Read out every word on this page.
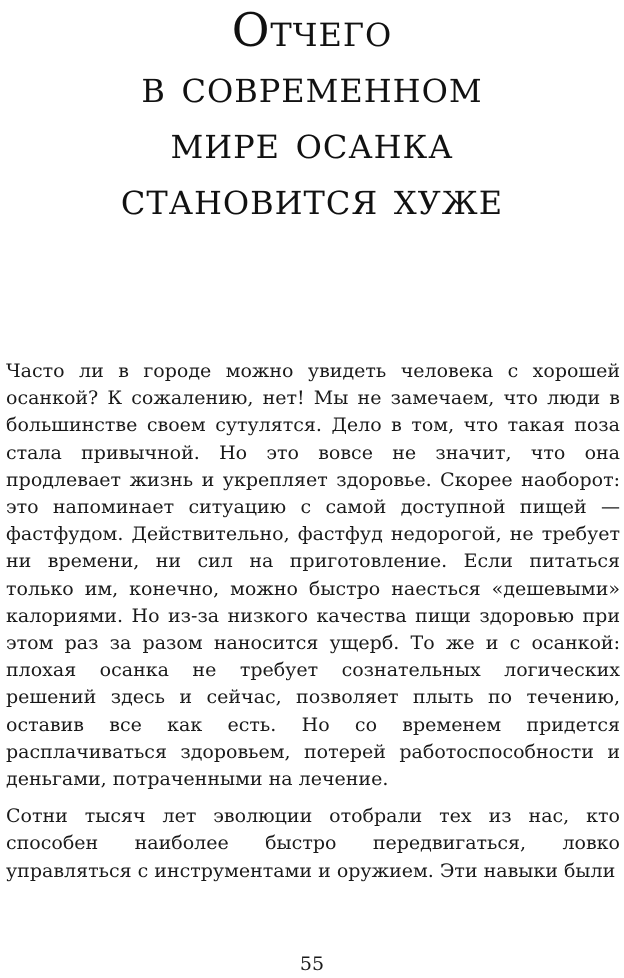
Отчего
в современном
мире осанка
становится хуже

Часто ли в городе можно увидеть человека с хорошей осанкой? К сожалению, нет! Мы не замечаем, что люди в большинстве своем сутулятся. Дело в том, что такая поза стала привычной. Но это вовсе не значит, что она продлевает жизнь и укрепляет здоровье. Скорее наоборот: это напоминает ситуацию с самой доступной пищей — фастфудом. Действительно, фастфуд недорогой, не требует ни времени, ни сил на приготовление. Если питаться только им, конечно, можно быстро наесться «дешевыми» калориями. Но из-за низкого качества пищи здоровью при этом раз за разом наносится ущерб. То же и с осанкой: плохая осанка не требует сознательных логических решений здесь и сейчас, позволяет плыть по течению, оставив все как есть. Но со временем придется расплачиваться здоровьем, потерей работоспособности и деньгами, потраченными на лечение.

Сотни тысяч лет эволюции отобрали тех из нас, кто способен наиболее быстро передвигаться, ловко управляться с инструментами и оружием. Эти навыки были

55
